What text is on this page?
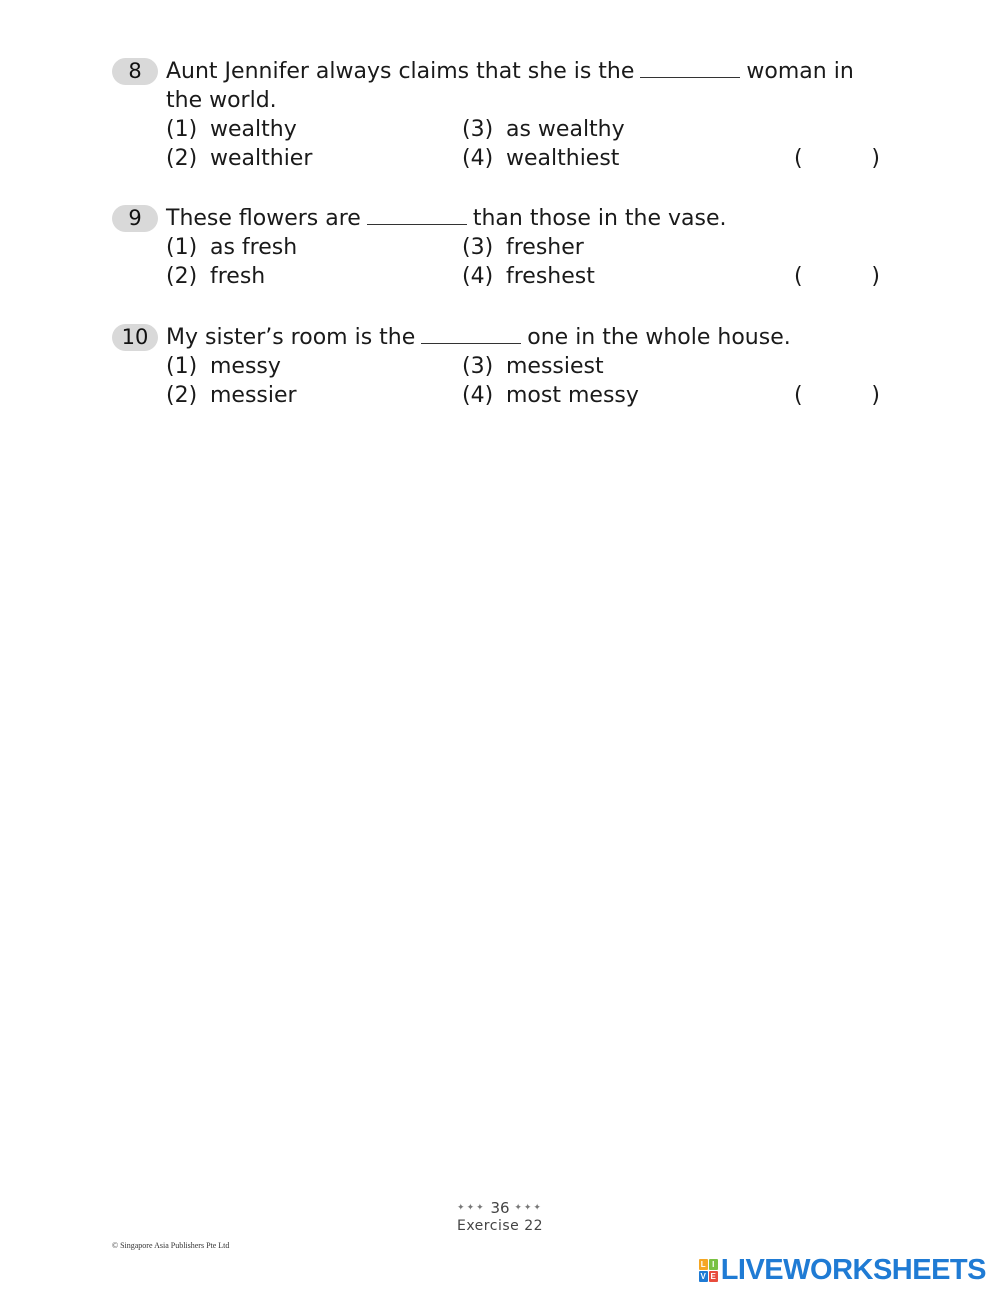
8	Aunt Jennifer always claims that she is the	woman in the world.
(1) wealthy	(3) as wealthy
(2) wealthier	(4) wealthiest	(	)
9	These flowers are	than those in the vase.
(1) as fresh	(3) fresher
(2) fresh	(4) freshest	(	)
10 My sister’s room is the	one in the whole house.
(1) messy	(3) messiest
(2) messier	(4) most messy	(	)
✦✦✦ 36 ✦✦✦
Exercise 22
© Singapore Asia Publishers Pte Ltd
L I
V E LIVEWORKSHEETS
